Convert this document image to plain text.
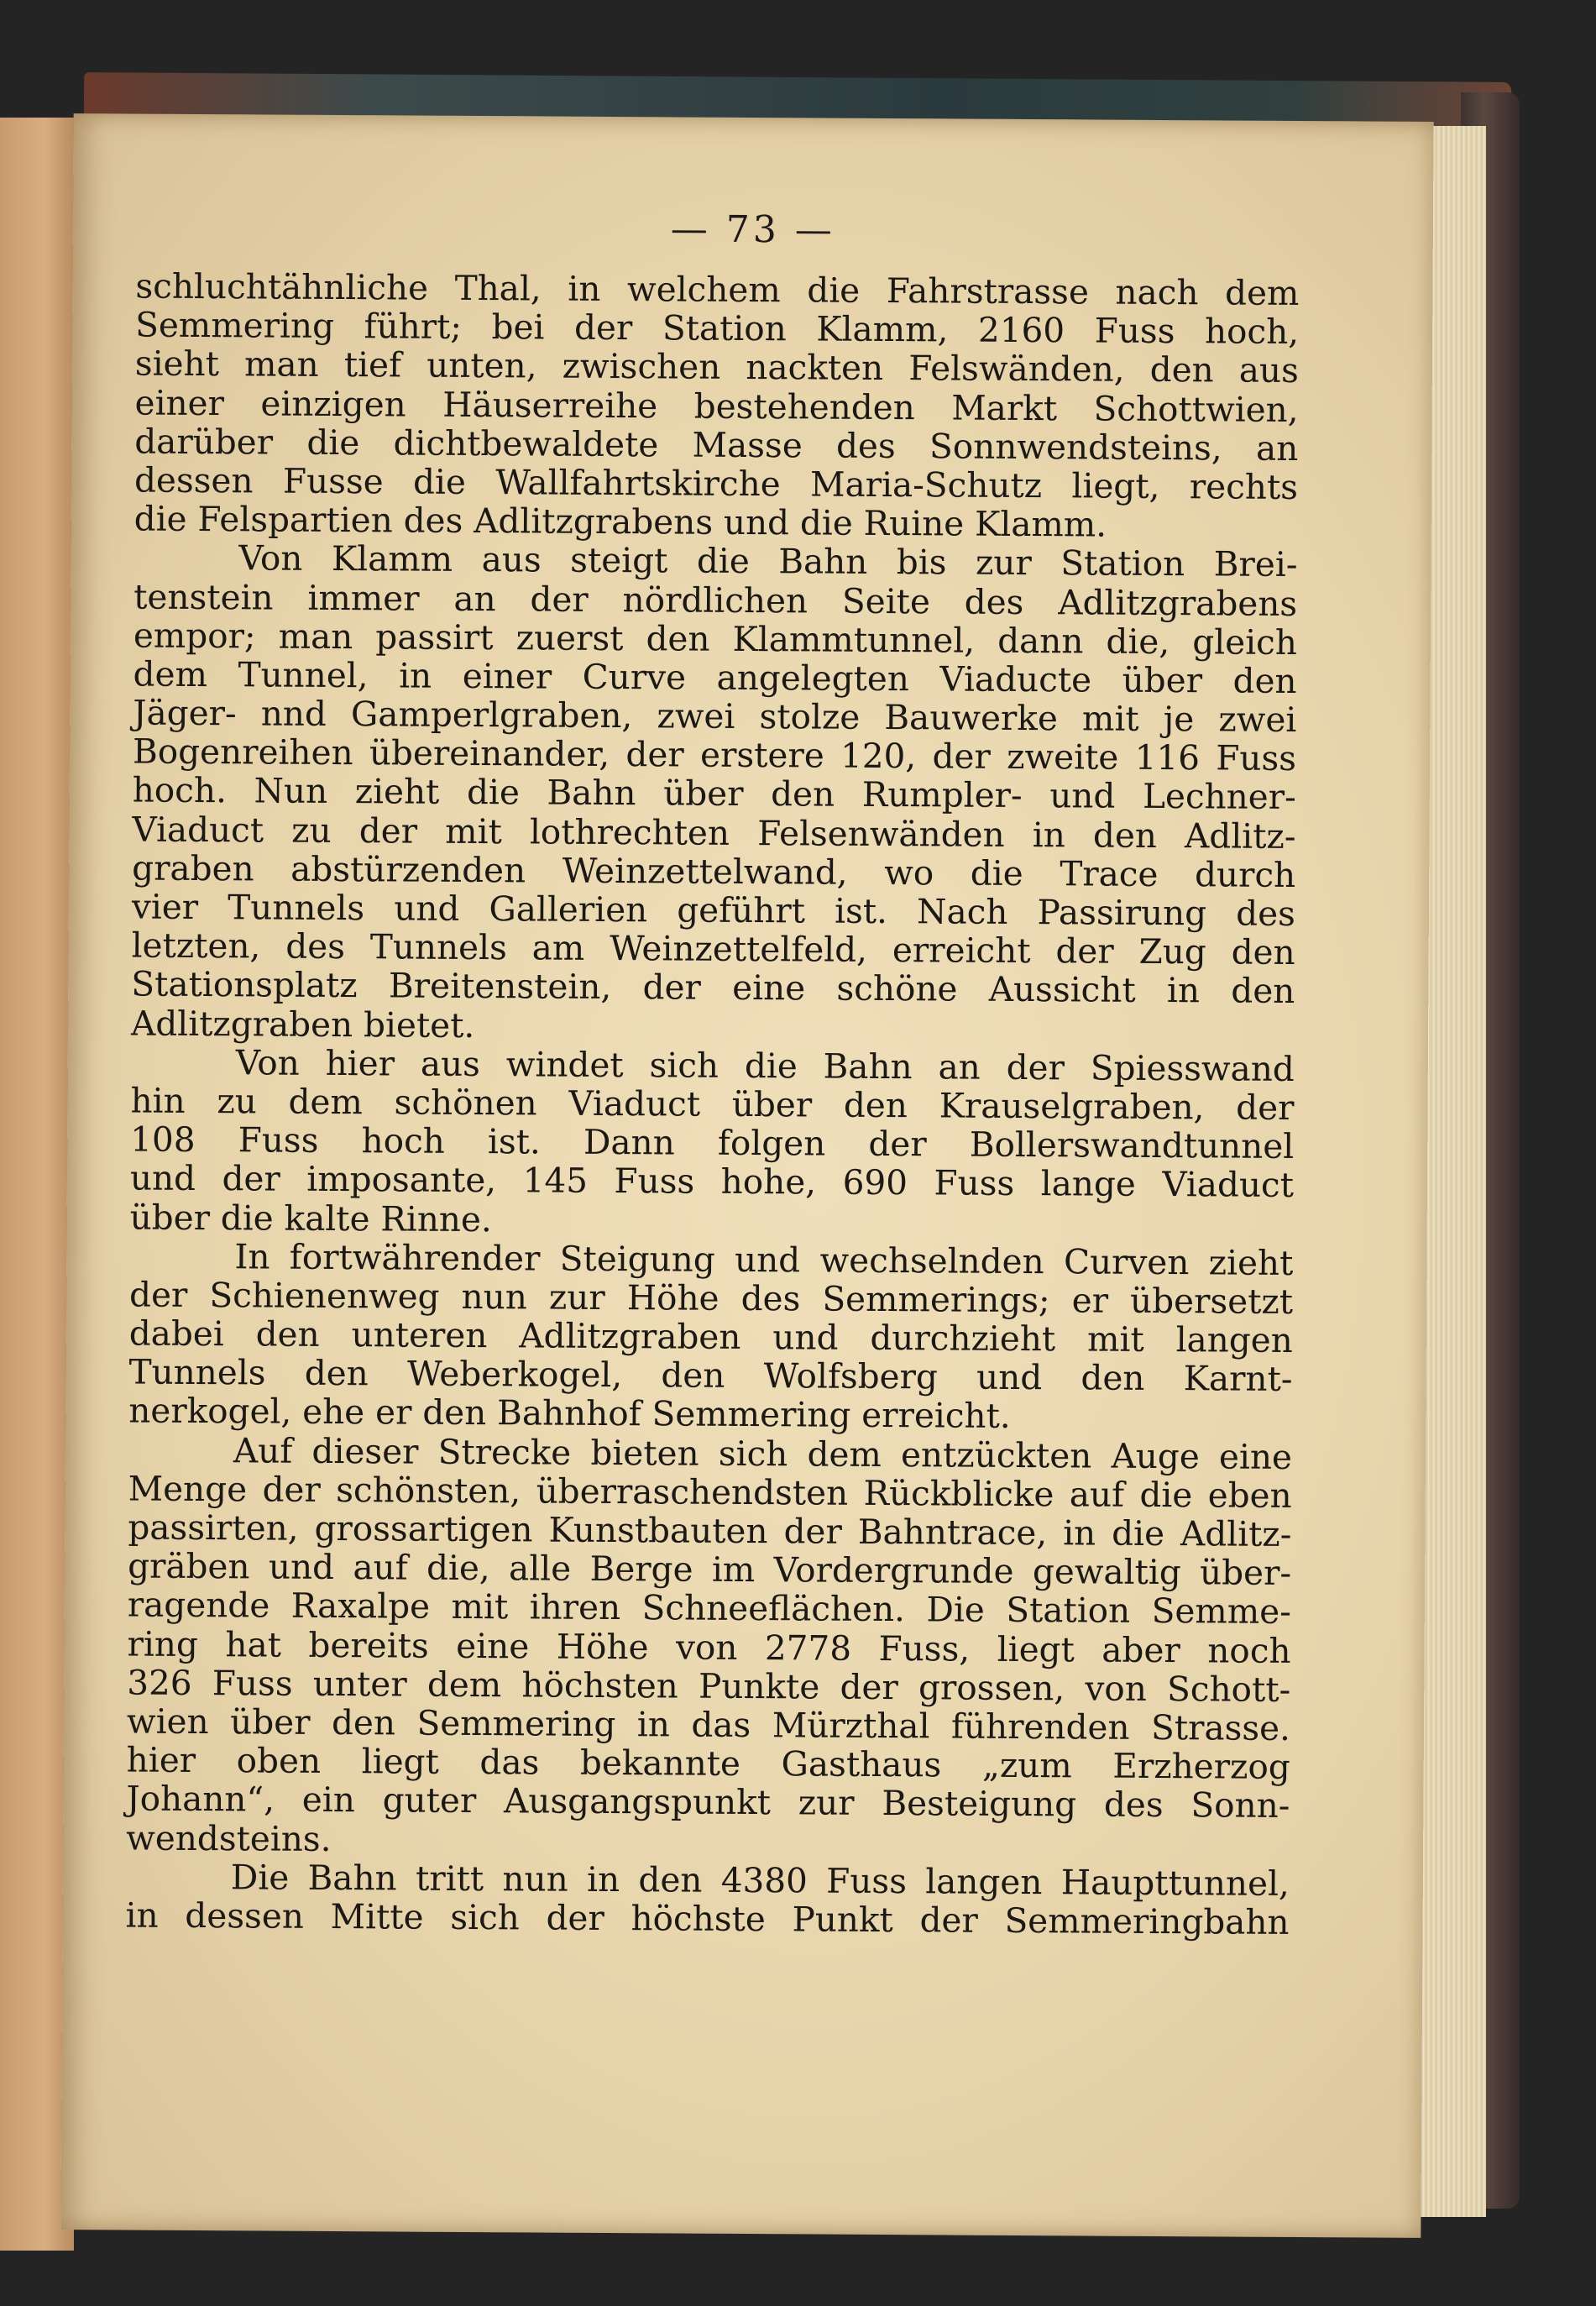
— 73 —
schluchtähnliche Thal, in welchem die Fahrstrasse nach dem
Semmering führt; bei der Station Klamm, 2160 Fuss hoch,
sieht man tief unten, zwischen nackten Felswänden, den aus
einer einzigen Häuserreihe bestehenden Markt Schottwien,
darüber die dichtbewaldete Masse des Sonnwendsteins, an
dessen Fusse die Wallfahrtskirche Maria-Schutz liegt, rechts
die Felspartien des Adlitzgrabens und die Ruine Klamm.
Von Klamm aus steigt die Bahn bis zur Station Brei-
tenstein immer an der nördlichen Seite des Adlitzgrabens
empor; man passirt zuerst den Klammtunnel, dann die, gleich
dem Tunnel, in einer Curve angelegten Viaducte über den
Jäger- nnd Gamperlgraben, zwei stolze Bauwerke mit je zwei
Bogenreihen übereinander, der erstere 120, der zweite 116 Fuss
hoch. Nun zieht die Bahn über den Rumpler- und Lechner-
Viaduct zu der mit lothrechten Felsenwänden in den Adlitz-
graben abstürzenden Weinzettelwand, wo die Trace durch
vier Tunnels und Gallerien geführt ist. Nach Passirung des
letzten, des Tunnels am Weinzettelfeld, erreicht der Zug den
Stationsplatz Breitenstein, der eine schöne Aussicht in den
Adlitzgraben bietet.
Von hier aus windet sich die Bahn an der Spiesswand
hin zu dem schönen Viaduct über den Krauselgraben, der
108 Fuss hoch ist. Dann folgen der Bollerswandtunnel
und der imposante, 145 Fuss hohe, 690 Fuss lange Viaduct
über die kalte Rinne.
In fortwährender Steigung und wechselnden Curven zieht
der Schienenweg nun zur Höhe des Semmerings; er übersetzt
dabei den unteren Adlitzgraben und durchzieht mit langen
Tunnels den Weberkogel, den Wolfsberg und den Karnt-
nerkogel, ehe er den Bahnhof Semmering erreicht.
Auf dieser Strecke bieten sich dem entzückten Auge eine
Menge der schönsten, überraschendsten Rückblicke auf die eben
passirten, grossartigen Kunstbauten der Bahntrace, in die Adlitz-
gräben und auf die, alle Berge im Vordergrunde gewaltig über-
ragende Raxalpe mit ihren Schneeflächen. Die Station Semme-
ring hat bereits eine Höhe von 2778 Fuss, liegt aber noch
326 Fuss unter dem höchsten Punkte der grossen, von Schott-
wien über den Semmering in das Mürzthal führenden Strasse.
hier oben liegt das bekannte Gasthaus „zum Erzherzog
Johann“, ein guter Ausgangspunkt zur Besteigung des Sonn-
wendsteins.
Die Bahn tritt nun in den 4380 Fuss langen Haupttunnel,
in dessen Mitte sich der höchste Punkt der Semmeringbahn
